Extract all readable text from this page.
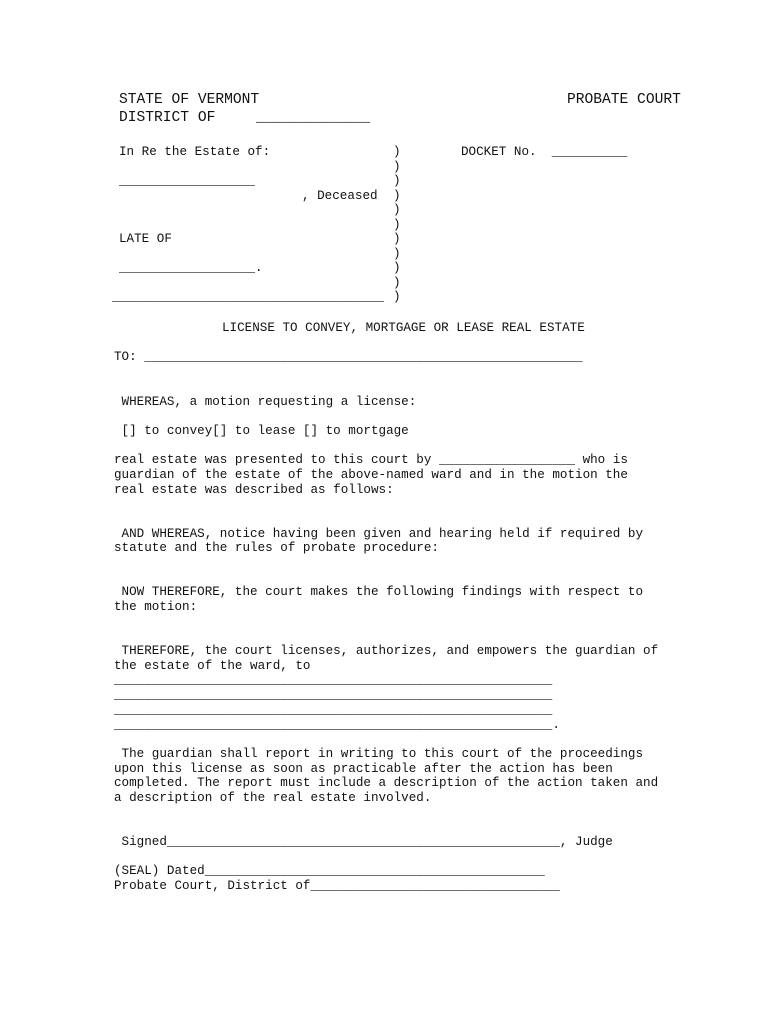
STATE OF VERMONT	PROBATE COURT
DISTRICT OF	_____________
In Re the Estate of:	DOCKET No.  __________
__________________
, Deceased
LATE OF
__________________.
____________________________________
)
)
)
)
)
)
)
)
)
)
)
LICENSE TO CONVEY, MORTGAGE OR LEASE REAL ESTATE
TO: __________________________________________________________
WHEREAS, a motion requesting a license:
[] to convey[] to lease [] to mortgage
real estate was presented to this court by __________________ who is
guardian of the estate of the above-named ward and in the motion the
real estate was described as follows:
AND WHEREAS, notice having been given and hearing held if required by
statute and the rules of probate procedure:
NOW THEREFORE, the court makes the following findings with respect to
the motion:
THEREFORE, the court licenses, authorizes, and empowers the guardian of
the estate of the ward, to
__________________________________________________________
__________________________________________________________
__________________________________________________________
__________________________________________________________.
The guardian shall report in writing to this court of the proceedings
upon this license as soon as practicable after the action has been
completed. The report must include a description of the action taken and
a description of the real estate involved.
Signed____________________________________________________, Judge
(SEAL) Dated_____________________________________________
Probate Court, District of_________________________________
